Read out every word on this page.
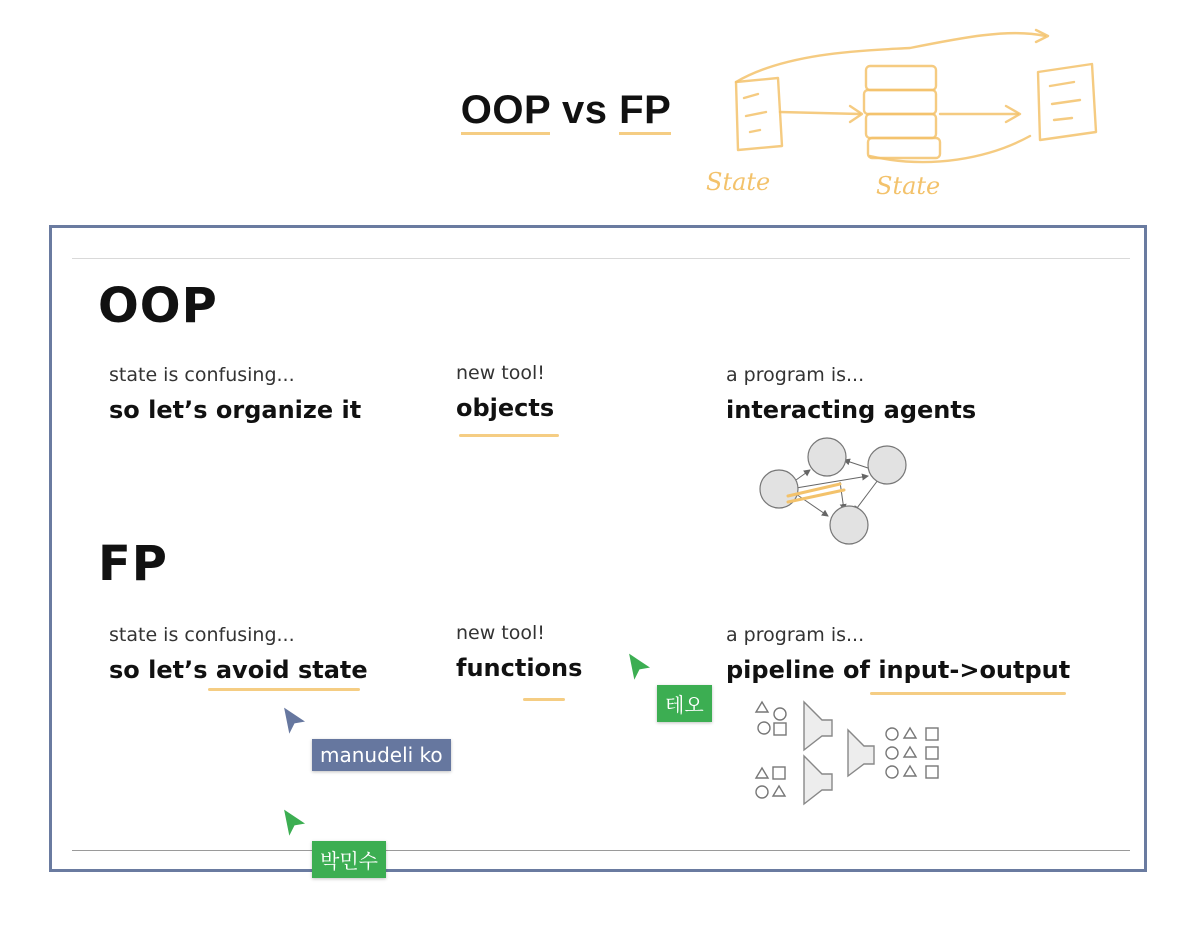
OOP vs FP
State	State
OOP
state is confusing...
so let’s organize it
new tool!
objects
a program is...
interacting agents
FP
state is confusing...
so let’s avoid state
new tool!
functions
a program is...
pipeline of input->output
테오
manudeli ko
박민수
